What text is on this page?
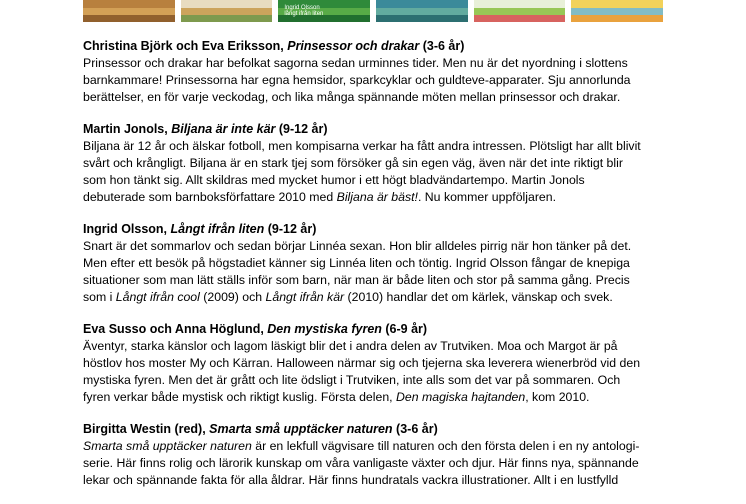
Ingrid Olsson
långt ifrån liten
Christina Björk och Eva Eriksson, Prinsessor och drakar (3-6 år)
Prinsessor och drakar har befolkat sagorna sedan urminnes tider. Men nu är det nyordning i slottens
barnkammare! Prinsessorna har egna hemsidor, sparkcyklar och guldteve-apparater. Sju annorlunda
berättelser, en för varje veckodag, och lika många spännande möten mellan prinsessor och drakar.
Martin Jonols, Biljana är inte kär (9-12 år)
Biljana är 12 år och älskar fotboll, men kompisarna verkar ha fått andra intressen. Plötsligt har allt blivit
svårt och krångligt. Biljana är en stark tjej som försöker gå sin egen väg, även när det inte riktigt blir
som hon tänkt sig. Allt skildras med mycket humor i ett högt bladvändartempo. Martin Jonols
debuterade som barnboksförfattare 2010 med Biljana är bäst!. Nu kommer uppföljaren.
Ingrid Olsson, Långt ifrån liten (9-12 år)
Snart är det sommarlov och sedan börjar Linnéa sexan. Hon blir alldeles pirrig när hon tänker på det.
Men efter ett besök på högstadiet känner sig Linnéa liten och töntig. Ingrid Olsson fångar de knepiga
situationer som man lätt ställs inför som barn, när man är både liten och stor på samma gång. Precis
som i Långt ifrån cool (2009) och Långt ifrån kär (2010) handlar det om kärlek, vänskap och svek.
Eva Susso och Anna Höglund, Den mystiska fyren (6-9 år)
Äventyr, starka känslor och lagom läskigt blir det i andra delen av Trutviken. Moa och Margot är på
höstlov hos moster My och Kärran. Halloween närmar sig och tjejerna ska leverera wienerbröd vid den
mystiska fyren. Men det är grått och lite ödsligt i Trutviken, inte alls som det var på sommaren. Och
fyren verkar både mystisk och riktigt kuslig. Första delen, Den magiska hajtanden, kom 2010.
Birgitta Westin (red), Smarta små upptäcker naturen (3-6 år)
Smarta små upptäcker naturen är en lekfull vägvisare till naturen och den första delen i en ny antologi-
serie. Här finns rolig och lärorik kunskap om våra vanligaste växter och djur. Här finns nya, spännande
lekar och spännande fakta för alla åldrar. Här finns hundratals vackra illustrationer. Allt i en lustfylld
